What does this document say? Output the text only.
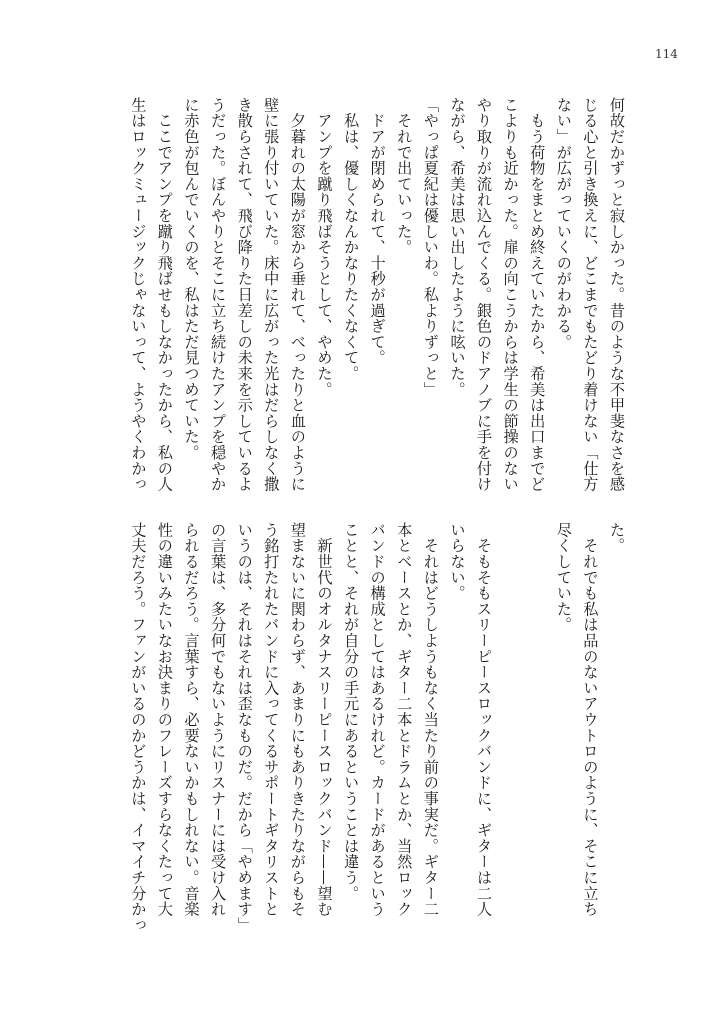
114
何故だかずっと寂しかった。昔のような不甲斐なさを感
じる心と引き換えに、どこまでもたどり着けない「仕方
ない」が広がっていくのがわかる。
　もう荷物をまとめ終えていたから、希美は出口までど
こよりも近かった。扉の向こうからは学生の節操のない
やり取りが流れ込んでくる。銀色のドアノブに手を付け
ながら、希美は思い出したように呟いた。
「やっぱ夏紀は優しいわ。私よりずっと」
　それで出ていった。
　ドアが閉められて、十秒が過ぎて。
　私は、優しくなんかなりたくなくて。
　アンプを蹴り飛ばそうとして、やめた。
　夕暮れの太陽が窓から垂れて、べったりと血のように
壁に張り付いていた。床中に広がった光はだらしなく撒
き散らされて、飛び降りた日差しの未来を示しているよ
うだった。ぼんやりとそこに立ち続けたアンプを穏やか
に赤色が包んでいくのを、私はただ見つめていた。
　ここでアンプを蹴り飛ばせもしなかったから、私の人
生はロックミュージックじゃないって、ようやくわかっ
た。
　それでも私は品のないアウトロのように、そこに立ち
尽くしていた。
　そもそもスリーピースロックバンドに、ギターは二人
いらない。
　それはどうしようもなく当たり前の事実だ。ギター二
本とベースとか、ギター二本とドラムとか、当然ロック
バンドの構成としてはあるけれど。カードがあるという
ことと、それが自分の手元にあるということは違う。
　新世代のオルタナスリーピースロックバンド——望む
望まないに関わらず、あまりにもありきたりながらもそ
う銘打たれたバンドに入ってくるサポートギタリストと
いうのは、それはそれは歪なものだ。だから「やめます」
の言葉は、多分何でもないようにリスナーには受け入れ
られるだろう。言葉すら、必要ないかもしれない。音楽
性の違いみたいなお決まりのフレーズすらなくたって大
丈夫だろう。ファンがいるのかどうかは、イマイチ分かっ
